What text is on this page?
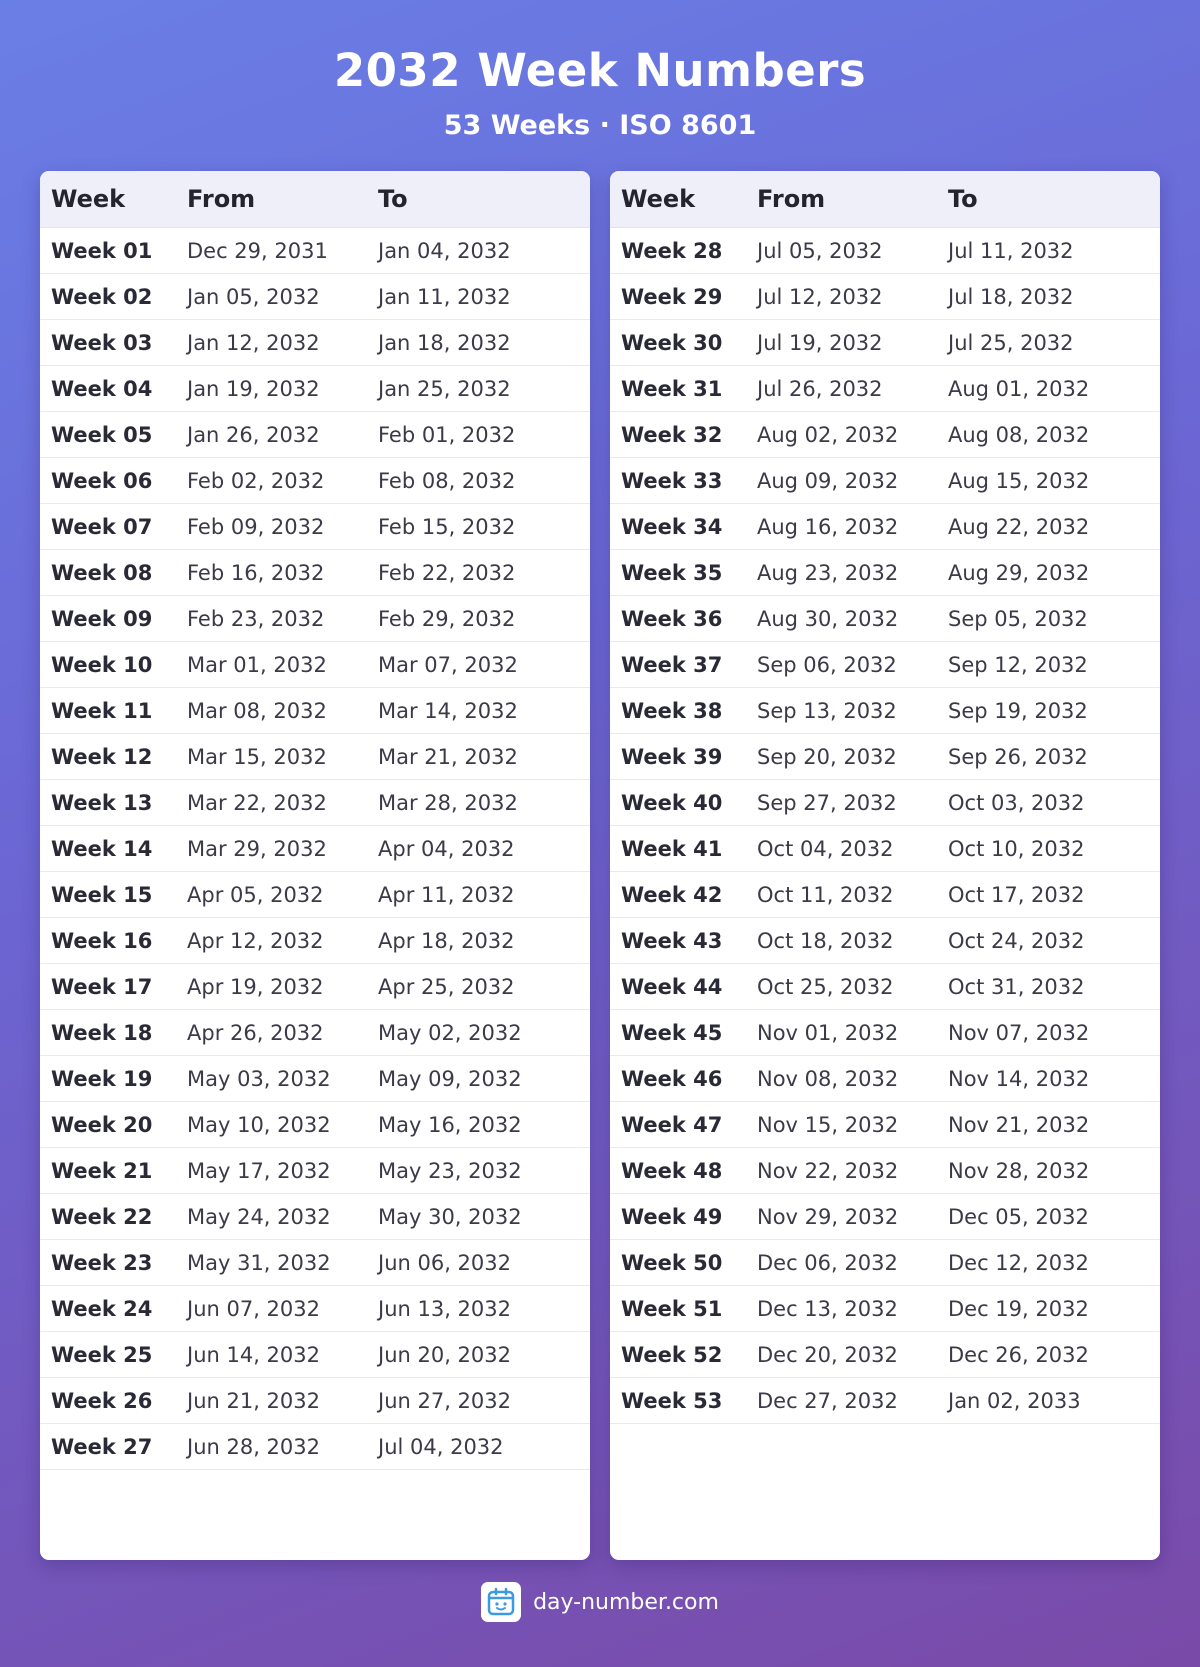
2032 Week Numbers
53 Weeks · ISO 8601
Week	From	To
Week 01	Dec 29, 2031	Jan 04, 2032
Week 02	Jan 05, 2032	Jan 11, 2032
Week 03	Jan 12, 2032	Jan 18, 2032
Week 04	Jan 19, 2032	Jan 25, 2032
Week 05	Jan 26, 2032	Feb 01, 2032
Week 06	Feb 02, 2032	Feb 08, 2032
Week 07	Feb 09, 2032	Feb 15, 2032
Week 08	Feb 16, 2032	Feb 22, 2032
Week 09	Feb 23, 2032	Feb 29, 2032
Week 10	Mar 01, 2032	Mar 07, 2032
Week 11	Mar 08, 2032	Mar 14, 2032
Week 12	Mar 15, 2032	Mar 21, 2032
Week 13	Mar 22, 2032	Mar 28, 2032
Week 14	Mar 29, 2032	Apr 04, 2032
Week 15	Apr 05, 2032	Apr 11, 2032
Week 16	Apr 12, 2032	Apr 18, 2032
Week 17	Apr 19, 2032	Apr 25, 2032
Week 18	Apr 26, 2032	May 02, 2032
Week 19	May 03, 2032	May 09, 2032
Week 20	May 10, 2032	May 16, 2032
Week 21	May 17, 2032	May 23, 2032
Week 22	May 24, 2032	May 30, 2032
Week 23	May 31, 2032	Jun 06, 2032
Week 24	Jun 07, 2032	Jun 13, 2032
Week 25	Jun 14, 2032	Jun 20, 2032
Week 26	Jun 21, 2032	Jun 27, 2032
Week 27	Jun 28, 2032	Jul 04, 2032
Week	From	To
Week 28	Jul 05, 2032	Jul 11, 2032
Week 29	Jul 12, 2032	Jul 18, 2032
Week 30	Jul 19, 2032	Jul 25, 2032
Week 31	Jul 26, 2032	Aug 01, 2032
Week 32	Aug 02, 2032	Aug 08, 2032
Week 33	Aug 09, 2032	Aug 15, 2032
Week 34	Aug 16, 2032	Aug 22, 2032
Week 35	Aug 23, 2032	Aug 29, 2032
Week 36	Aug 30, 2032	Sep 05, 2032
Week 37	Sep 06, 2032	Sep 12, 2032
Week 38	Sep 13, 2032	Sep 19, 2032
Week 39	Sep 20, 2032	Sep 26, 2032
Week 40	Sep 27, 2032	Oct 03, 2032
Week 41	Oct 04, 2032	Oct 10, 2032
Week 42	Oct 11, 2032	Oct 17, 2032
Week 43	Oct 18, 2032	Oct 24, 2032
Week 44	Oct 25, 2032	Oct 31, 2032
Week 45	Nov 01, 2032	Nov 07, 2032
Week 46	Nov 08, 2032	Nov 14, 2032
Week 47	Nov 15, 2032	Nov 21, 2032
Week 48	Nov 22, 2032	Nov 28, 2032
Week 49	Nov 29, 2032	Dec 05, 2032
Week 50	Dec 06, 2032	Dec 12, 2032
Week 51	Dec 13, 2032	Dec 19, 2032
Week 52	Dec 20, 2032	Dec 26, 2032
Week 53	Dec 27, 2032	Jan 02, 2033
day-number.com
